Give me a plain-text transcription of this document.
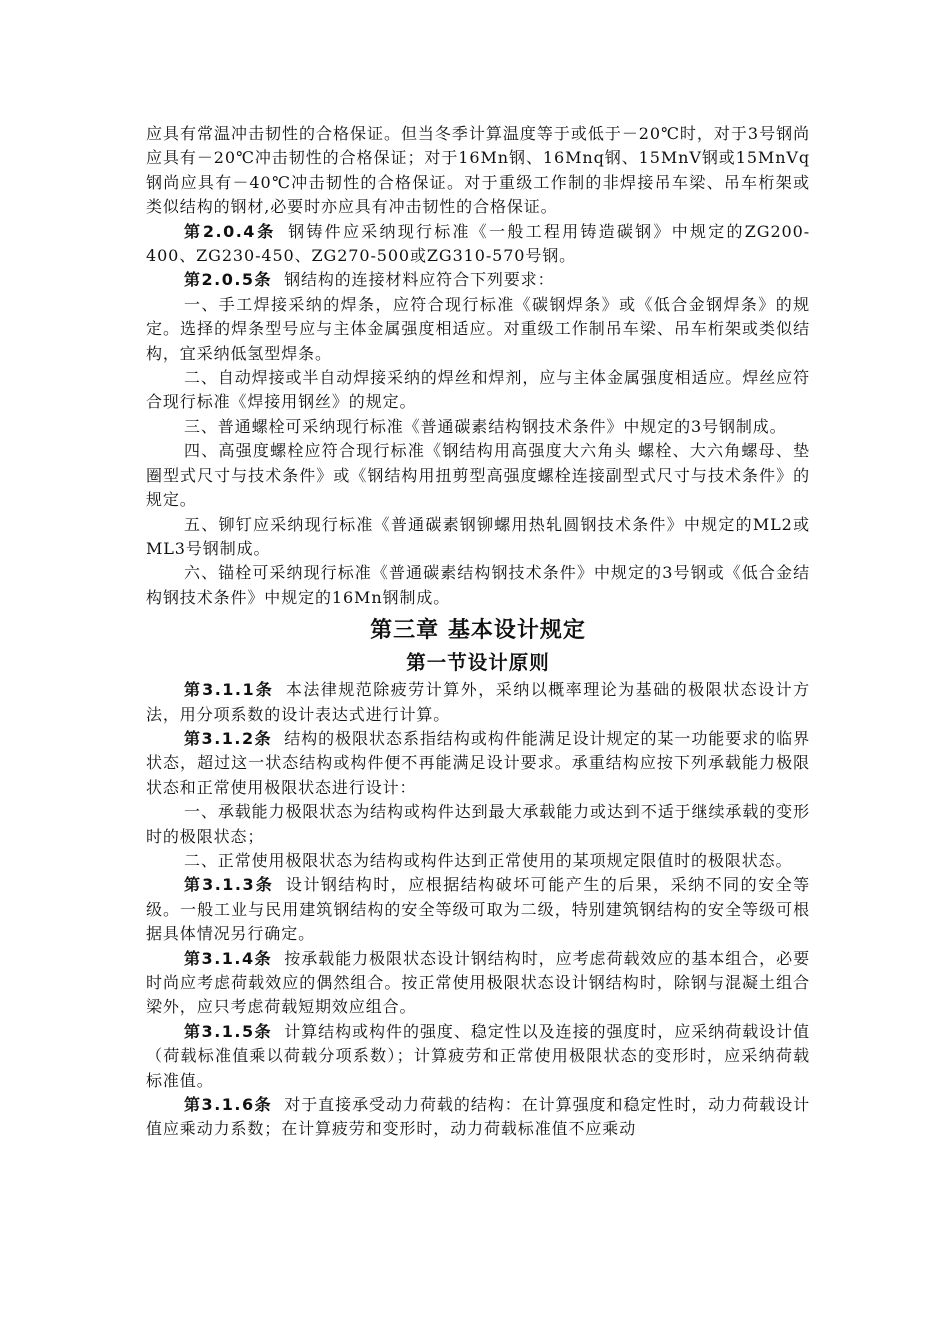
应具有常温冲击韧性的合格保证。但当冬季计算温度等于或低于－20℃时，对于3号钢尚应具有－20℃冲击韧性的合格保证；对于16Mn钢、16Mnq钢、15MnV钢或15MnVq钢尚应具有－40℃冲击韧性的合格保证。对于重级工作制的非焊接吊车梁、吊车桁架或类似结构的钢材,必要时亦应具有冲击韧性的合格保证。

第2.0.4条 钢铸件应采纳现行标准《一般工程用铸造碳钢》中规定的ZG200-400、ZG230-450、ZG270-500或ZG310-570号钢。

第2.0.5条 钢结构的连接材料应符合下列要求：

一、手工焊接采纳的焊条，应符合现行标准《碳钢焊条》或《低合金钢焊条》的规定。选择的焊条型号应与主体金属强度相适应。对重级工作制吊车梁、吊车桁架或类似结构，宜采纳低氢型焊条。

二、自动焊接或半自动焊接采纳的焊丝和焊剂，应与主体金属强度相适应。焊丝应符合现行标准《焊接用钢丝》的规定。

三、普通螺栓可采纳现行标准《普通碳素结构钢技术条件》中规定的3号钢制成。

四、高强度螺栓应符合现行标准《钢结构用高强度大六角头 螺栓、大六角螺母、垫圈型式尺寸与技术条件》或《钢结构用扭剪型高强度螺栓连接副型式尺寸与技术条件》的规定。

五、铆钉应采纳现行标准《普通碳素钢铆螺用热轧圆钢技术条件》中规定的ML2或ML3号钢制成。

六、锚栓可采纳现行标准《普通碳素结构钢技术条件》中规定的3号钢或《低合金结构钢技术条件》中规定的16Mn钢制成。

第三章 基本设计规定
第一节设计原则

第3.1.1条 本法律规范除疲劳计算外，采纳以概率理论为基础的极限状态设计方法，用分项系数的设计表达式进行计算。

第3.1.2条 结构的极限状态系指结构或构件能满足设计规定的某一功能要求的临界状态，超过这一状态结构或构件便不再能满足设计要求。承重结构应按下列承载能力极限状态和正常使用极限状态进行设计：

一、承载能力极限状态为结构或构件达到最大承载能力或达到不适于继续承载的变形时的极限状态；

二、正常使用极限状态为结构或构件达到正常使用的某项规定限值时的极限状态。

第3.1.3条 设计钢结构时，应根据结构破坏可能产生的后果，采纳不同的安全等级。一般工业与民用建筑钢结构的安全等级可取为二级，特别建筑钢结构的安全等级可根据具体情况另行确定。

第3.1.4条 按承载能力极限状态设计钢结构时，应考虑荷载效应的基本组合，必要时尚应考虑荷载效应的偶然组合。按正常使用极限状态设计钢结构时，除钢与混凝土组合梁外，应只考虑荷载短期效应组合。

第3.1.5条 计算结构或构件的强度、稳定性以及连接的强度时，应采纳荷载设计值（荷载标准值乘以荷载分项系数）；计算疲劳和正常使用极限状态的变形时，应采纳荷载标准值。

第3.1.6条 对于直接承受动力荷载的结构：在计算强度和稳定性时，动力荷载设计值应乘动力系数；在计算疲劳和变形时，动力荷载标准值不应乘动
